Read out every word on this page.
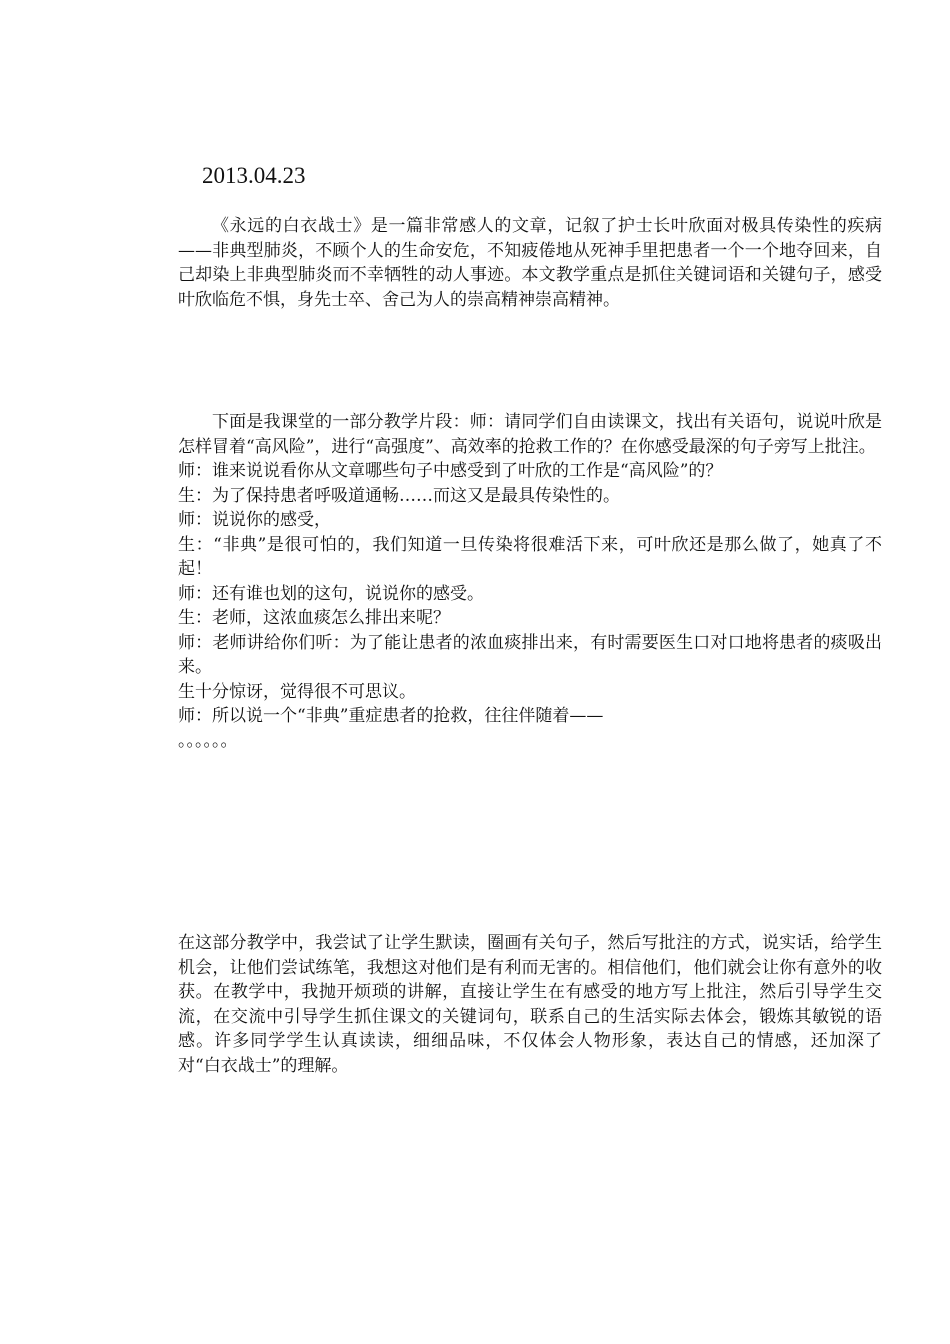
2013.04.23

《永远的白衣战士》是一篇非常感人的文章，记叙了护士长叶欣面对极具传染性的疾病——非典型肺炎，不顾个人的生命安危，不知疲倦地从死神手里把患者一个一个地夺回来，自己却染上非典型肺炎而不幸牺牲的动人事迹。本文教学重点是抓住关键词语和关键句子，感受叶欣临危不惧，身先士卒、舍己为人的崇高精神崇高精神。

下面是我课堂的一部分教学片段：师：请同学们自由读课文，找出有关语句，说说叶欣是怎样冒着“高风险”，进行“高强度”、高效率的抢救工作的？在你感受最深的句子旁写上批注。

师：谁来说说看你从文章哪些句子中感受到了叶欣的工作是“高风险”的？

生：为了保持患者呼吸道通畅……而这又是最具传染性的。

师：说说你的感受，

生：“非典”是很可怕的，我们知道一旦传染将很难活下来，可叶欣还是那么做了，她真了不起！

师：还有谁也划的这句，说说你的感受。

生：老师，这浓血痰怎么排出来呢？

师：老师讲给你们听：为了能让患者的浓血痰排出来，有时需要医生口对口地将患者的痰吸出来。

生十分惊讶，觉得很不可思议。

师：所以说一个“非典”重症患者的抢救，往往伴随着——

。。。。。。

在这部分教学中，我尝试了让学生默读，圈画有关句子，然后写批注的方式，说实话，给学生机会，让他们尝试练笔，我想这对他们是有利而无害的。相信他们，他们就会让你有意外的收获。在教学中，我抛开烦琐的讲解，直接让学生在有感受的地方写上批注，然后引导学生交流，在交流中引导学生抓住课文的关键词句，联系自己的生活实际去体会，锻炼其敏锐的语感。许多同学学生认真读读，细细品味，不仅体会人物形象，表达自己的情感，还加深了对“白衣战士”的理解。
